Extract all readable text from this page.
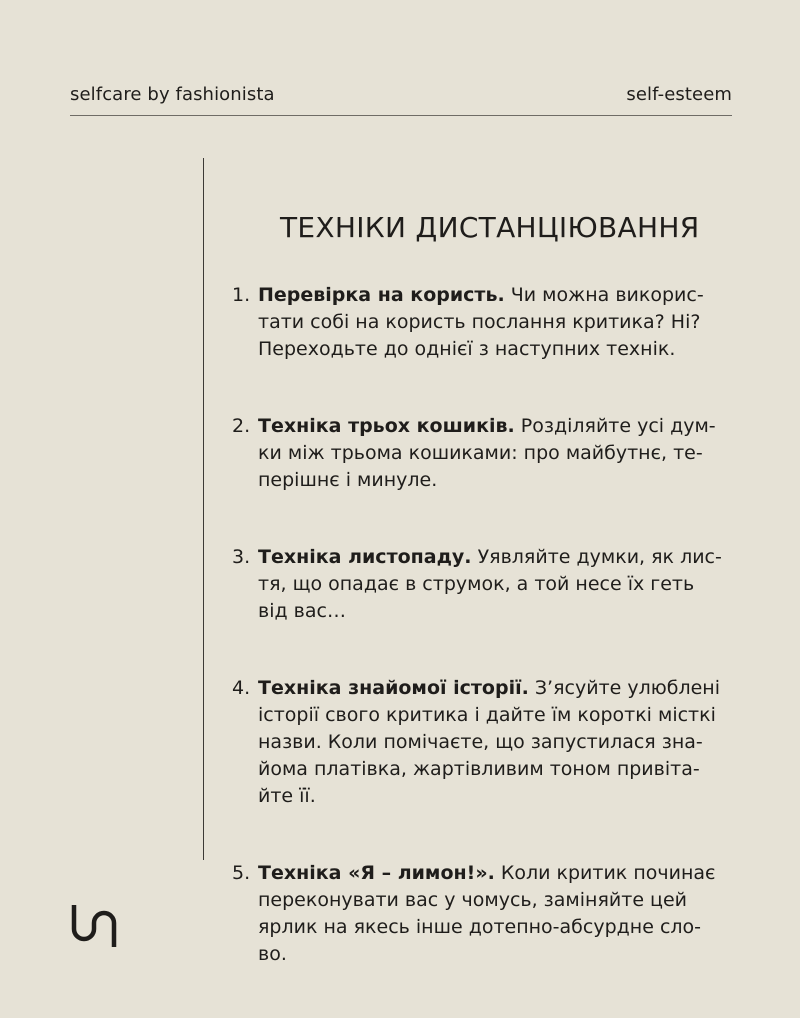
selfcare by fashionista	self-esteem
ТЕХНІКИ ДИСТАНЦІЮВАННЯ
1. Перевірка на користь. Чи можна викорис-
тати собі на користь послання критика? Ні?
Переходьте до однієї з наступних технік.
2. Техніка трьох кошиків. Розділяйте усі дум-
ки між трьома кошиками: про майбутнє, те-
перішнє і минуле.
3. Техніка листопаду. Уявляйте думки, як лис-
тя, що опадає в струмок, а той несе їх геть
від вас…
4. Техніка знайомої історії. З’ясуйте улюблені
історії свого критика і дайте їм короткі місткі
назви. Коли помічаєте, що запустилася зна-
йома платівка, жартівливим тоном привіта-
йте її.
5. Техніка «Я – лимон!». Коли критик починає
переконувати вас у чомусь, заміняйте цей
ярлик на якесь інше дотепно-абсурдне сло-
во.
